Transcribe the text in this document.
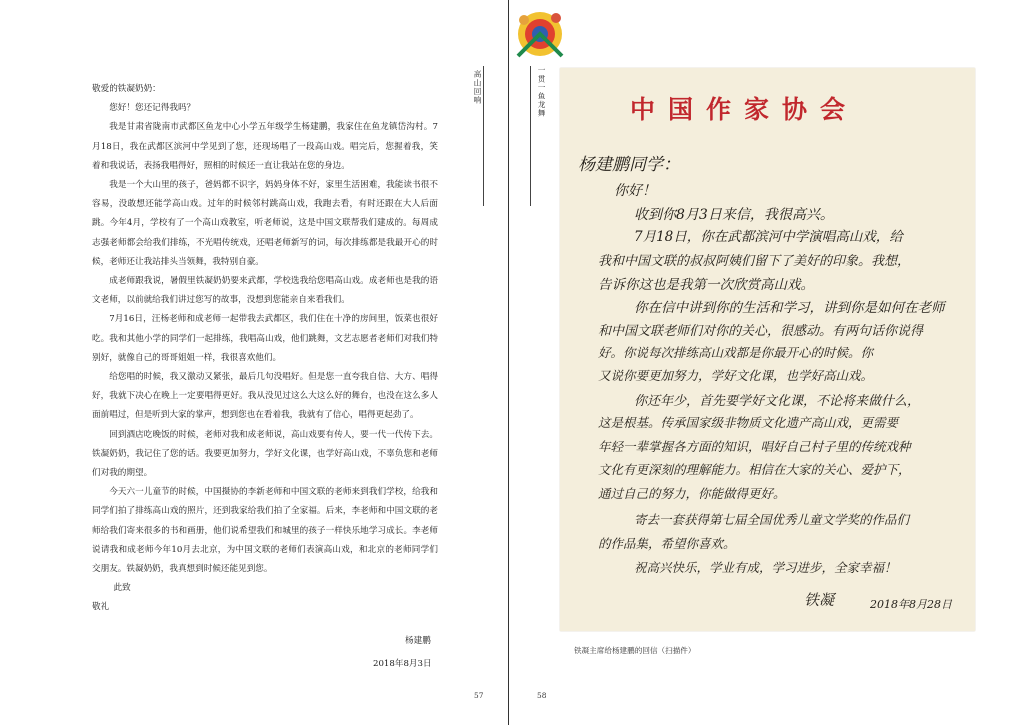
高山回响

敬爱的铁凝奶奶：

您好！您还记得我吗？

我是甘肃省陇南市武都区鱼龙中心小学五年级学生杨建鹏，我家住在鱼龙镇岱沟村。7月18日，我在武都区滨河中学见到了您，还现场唱了一段高山戏。唱完后，您握着我，笑着和我说话，表扬我唱得好，照相的时候还一直让我站在您的身边。

我是一个大山里的孩子，爸妈都不识字，妈妈身体不好，家里生活困难，我能读书很不容易，没敢想还能学高山戏。过年的时候邻村跳高山戏，我跑去看，有时还跟在大人后面跳。今年4月，学校有了一个高山戏教室，听老师说，这是中国文联帮我们建成的。每周成志强老师都会给我们排练，不光唱传统戏，还唱老师新写的词，每次排练都是我最开心的时候，老师还让我站排头当领舞，我特别自豪。

成老师跟我说，暑假里铁凝奶奶要来武都，学校选我给您唱高山戏。成老师也是我的语文老师，以前就给我们讲过您写的故事，没想到您能亲自来看我们。

7月16日，汪杨老师和成老师一起带我去武都区，我们住在十净的房间里，饭菜也很好吃。我和其他小学的同学们一起排练，我唱高山戏，他们跳舞，文艺志愿者老师们对我们特别好，就像自己的哥哥姐姐一样，我很喜欢他们。

给您唱的时候，我又激动又紧张，最后几句没唱好。但是您一直夸我自信、大方、唱得好，我就下决心在晚上一定要唱得更好。我从没见过这么大这么好的舞台，也没在这么多人面前唱过，但是听到大家的掌声，想到您也在看着我，我就有了信心，唱得更起劲了。

回到酒店吃晚饭的时候，老师对我和成老师说，高山戏要有传人，要一代一代传下去。铁凝奶奶，我记住了您的话。我要更加努力，学好文化课，也学好高山戏，不辜负您和老师们对我的期望。

今天六一儿童节的时候，中国摄协的李新老师和中国文联的老师来到我们学校，给我和同学们拍了排练高山戏的照片，还到我家给我们拍了全家福。后来，李老师和中国文联的老师给我们寄来很多的书和画册，他们说希望我们和城里的孩子一样快乐地学习成长。李老师说请我和成老师今年10月去北京，为中国文联的老师们表演高山戏，和北京的老师同学们交朋友。铁凝奶奶，我真想到时候还能见到您。

此致

敬礼

杨建鹏
2018年8月3日
57
一贯一鱼龙舞	中国作家协会
杨建鹏同学：
你好！
收到你8月3日来信，我很高兴。
7月18日，你在武都滨河中学演唱高山戏，给
我和中国文联的叔叔阿姨们留下了美好的印象。我想，
告诉你这也是我第一次欣赏高山戏。
你在信中讲到你的生活和学习，讲到你是如何在老师
和中国文联老师们对你的关心，很感动。有两句话你说得
好。你说每次排练高山戏都是你最开心的时候。你
又说你要更加努力，学好文化课，也学好高山戏。
你还年少，首先要学好文化课，不论将来做什么，
这是根基。传承国家级非物质文化遗产高山戏，更需要
年轻一辈掌握各方面的知识，唱好自己村子里的传统戏种
文化有更深刻的理解能力。相信在大家的关心、爱护下，
通过自己的努力，你能做得更好。
寄去一套获得第七届全国优秀儿童文学奖的作品们
的作品集，希望你喜欢。
祝高兴快乐，学业有成，学习进步，全家幸福！
铁凝	2018年8月28日
铁凝主席给杨建鹏的回信（扫描件）
58
